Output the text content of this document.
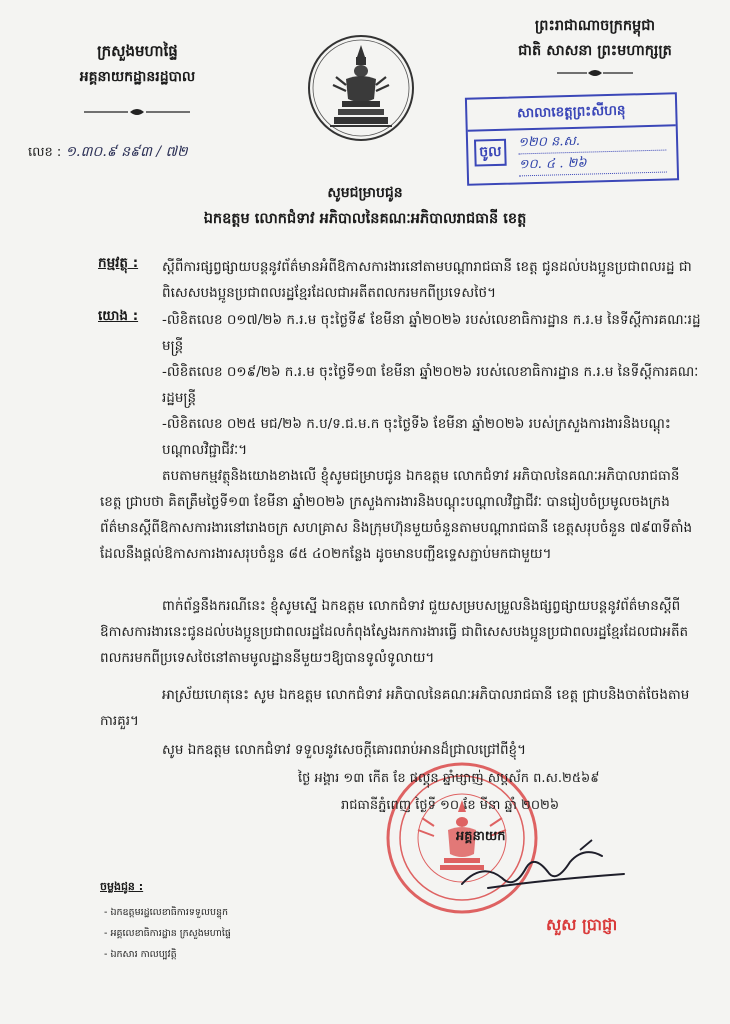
ក្រសួងមហាផ្ទៃ
អគ្គនាយកដ្ឋានរដ្ឋបាល
លេខ : ១.៣០.៩ ន៩៣ / ៧២
ព្រះរាជាណាចក្រកម្ពុជា
ជាតិ សាសនា ព្រះមហាក្សត្រ
សាលាខេត្តព្រះសីហនុ
ចូល
១២០ ន.ស.
១០. ៤ . ២៦
សូមជម្រាបជូន
ឯកឧត្តម លោកជំទាវ អភិបាលនៃគណៈអភិបាលរាជធានី ខេត្ត
កម្មវត្ថុ : ស្តីពីការផ្សព្វផ្សាយបន្តនូវព័ត៌មានអំពីឱកាសការងារនៅតាមបណ្តារាជធានី ខេត្ត ជូនដល់បងប្អូនប្រជាពលរដ្ឋ ជាពិសេសបងប្អូនប្រជាពលរដ្ឋខ្មែរដែលជាអតីតពលករមកពីប្រទេសថៃ។
យោង : -លិខិតលេខ ០១៧/២៦ ក.រ.ម ចុះថ្ងៃទី៩ ខែមីនា ឆ្នាំ២០២៦ របស់លេខាធិការដ្ឋាន ក.រ.ម នៃទីស្តីការគណៈរដ្ឋមន្ត្រី
-លិខិតលេខ ០១៩/២៦ ក.រ.ម ចុះថ្ងៃទី១៣ ខែមីនា ឆ្នាំ២០២៦ របស់លេខាធិការដ្ឋាន ក.រ.ម នៃទីស្តីការគណៈរដ្ឋមន្ត្រី
-លិខិតលេខ ០២៥ មជ/២៦ ក.ប/ទ.ជ.ម.ក ចុះថ្ងៃទី៦ ខែមីនា ឆ្នាំ២០២៦ របស់ក្រសួងការងារនិងបណ្តុះបណ្តាលវិជ្ជាជីវៈ។
តបតាមកម្មវត្ថុនិងយោងខាងលើ ខ្ញុំសូមជម្រាបជូន ឯកឧត្តម លោកជំទាវ អភិបាលនៃគណៈអភិបាលរាជធានី ខេត្ត ជ្រាបថា គិតត្រឹមថ្ងៃទី១៣ ខែមីនា ឆ្នាំ២០២៦ ក្រសួងការងារនិងបណ្តុះបណ្តាលវិជ្ជាជីវៈ បានរៀបចំប្រមូលចងក្រងព័ត៌មានស្តីពីឱកាសការងារនៅរោងចក្រ សហគ្រាស និងក្រុមហ៊ុនមួយចំនួនតាមបណ្តារាជធានី ខេត្តសរុបចំនួន ៧៩៣ទីតាំង ដែលនឹងផ្តល់ឱកាសការងារសរុបចំនួន ៨៥ ៤០២កន្លែង ដូចមានបញ្ជីឧទ្ទេសភ្ជាប់មកជាមួយ។
ពាក់ព័ន្ធនឹងករណីនេះ ខ្ញុំសូមស្នើ ឯកឧត្តម លោកជំទាវ ជួយសម្របសម្រួលនិងផ្សព្វផ្សាយបន្តនូវព័ត៌មានស្តីពីឱកាសការងារនេះជូនដល់បងប្អូនប្រជាពលរដ្ឋដែលកំពុងស្វែងរកការងារធ្វើ ជាពិសេសបងប្អូនប្រជាពលរដ្ឋខ្មែរដែលជាអតីតពលករមកពីប្រទេសថៃនៅតាមមូលដ្ឋាននីមួយៗឱ្យបានទូលំទូលាយ។
អាស្រ័យហេតុនេះ សូម ឯកឧត្តម លោកជំទាវ អភិបាលនៃគណៈអភិបាលរាជធានី ខេត្ត ជ្រាបនិងចាត់ចែងតាមការគួរ។
សូម ឯកឧត្តម លោកជំទាវ ទទួលនូវសេចក្តីគោរពរាប់អានដ៏ជ្រាលជ្រៅពីខ្ញុំ។
ថ្ងៃ អង្គារ ១៣ កើត ខែ ផល្គុន ឆ្នាំម្សាញ់ សប្តស័ក ព.ស.២៥៦៩
រាជធានីភ្នំពេញ ថ្ងៃទី ១០ ខែ មីនា ឆ្នាំ ២០២៦
អគ្គនាយក
សួស ប្រាជ្ញា
ចម្លងជូន :
- ឯកឧត្តមរដ្ឋលេខាធិការទទួលបន្ទុក
- អគ្គលេខាធិការដ្ឋាន ក្រសួងមហាផ្ទៃ
- ឯកសារ កាលប្បវត្តិ
